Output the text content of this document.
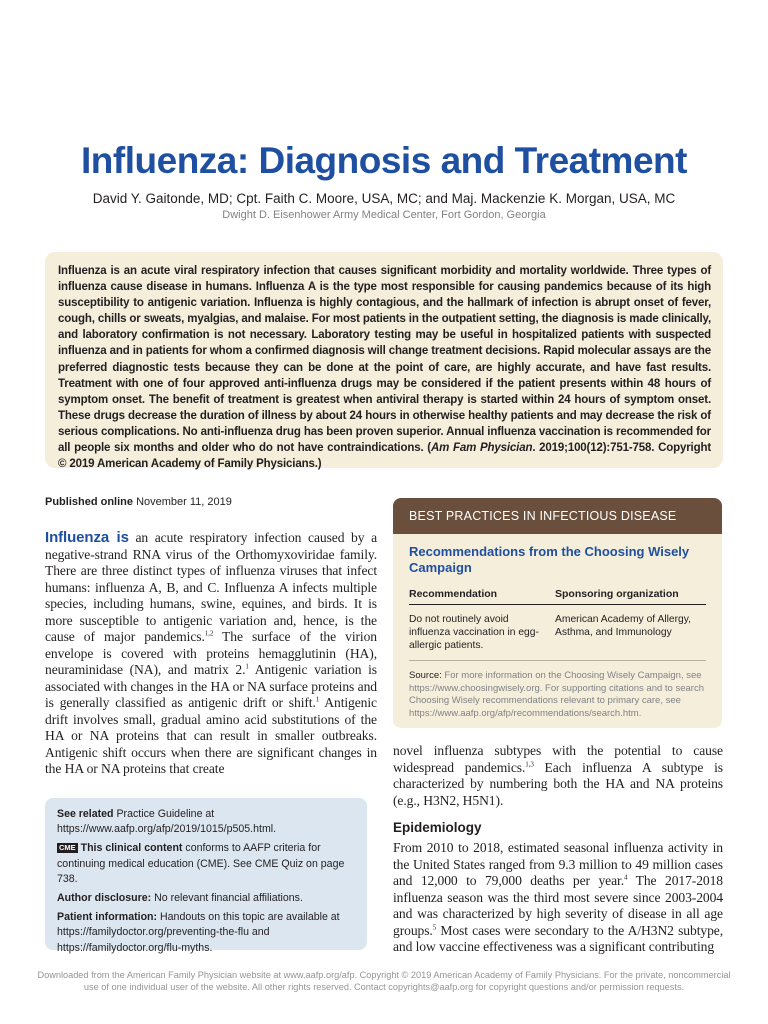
Influenza: Diagnosis and Treatment
David Y. Gaitonde, MD; Cpt. Faith C. Moore, USA, MC; and Maj. Mackenzie K. Morgan, USA, MC
Dwight D. Eisenhower Army Medical Center, Fort Gordon, Georgia

Influenza is an acute viral respiratory infection that causes significant morbidity and mortality worldwide. Three types of influenza cause disease in humans. Influenza A is the type most responsible for causing pandemics because of its high susceptibility to antigenic variation. Influenza is highly contagious, and the hallmark of infection is abrupt onset of fever, cough, chills or sweats, myalgias, and malaise. For most patients in the outpatient setting, the diagnosis is made clinically, and laboratory confirmation is not necessary. Laboratory testing may be useful in hospitalized patients with suspected influenza and in patients for whom a confirmed diagnosis will change treatment decisions. Rapid molecular assays are the preferred diagnostic tests because they can be done at the point of care, are highly accurate, and have fast results. Treatment with one of four approved anti-influenza drugs may be considered if the patient presents within 48 hours of symptom onset. The benefit of treatment is greatest when antiviral therapy is started within 24 hours of symptom onset. These drugs decrease the duration of illness by about 24 hours in otherwise healthy patients and may decrease the risk of serious complications. No anti-influenza drug has been proven superior. Annual influenza vaccination is recommended for all people six months and older who do not have contraindications. (Am Fam Physician. 2019;100(12):751-758. Copyright © 2019 American Academy of Family Physicians.)

Published online November 11, 2019

Influenza is an acute respiratory infection caused by a negative-strand RNA virus of the Orthomyxoviridae family. There are three distinct types of influenza viruses that infect humans: influenza A, B, and C. Influenza A infects multiple species, including humans, swine, equines, and birds. It is more susceptible to antigenic variation and, hence, is the cause of major pandemics.$^{1,2}$ The surface of the virion envelope is covered with proteins hemagglutinin (HA), neuraminidase (NA), and matrix 2.$^1$ Antigenic variation is associated with changes in the HA or NA surface proteins and is generally classified as antigenic drift or shift.$^1$ Antigenic drift involves small, gradual amino acid substitutions of the HA or NA proteins that can result in smaller outbreaks. Antigenic shift occurs when there are significant changes in the HA or NA proteins that create

See related Practice Guideline at https://www.aafp.org/afp/2019/1015/p505.html.

CME This clinical content conforms to AAFP criteria for continuing medical education (CME). See CME Quiz on page 738.

Author disclosure: No relevant financial affiliations.

Patient information: Handouts on this topic are available at https://familydoctor.org/preventing-the-flu and https://familydoctor.org/flu-myths.

BEST PRACTICES IN INFECTIOUS DISEASE
Recommendations from the Choosing Wisely Campaign
Recommendation	Sponsoring organization
Do not routinely avoid influenza vaccination in egg-allergic patients.	American Academy of Allergy, Asthma, and Immunology
Source: For more information on the Choosing Wisely Campaign, see https://www.choosingwisely.org. For supporting citations and to search Choosing Wisely recommendations relevant to primary care, see https://www.aafp.org/afp/recommendations/search.htm.

novel influenza subtypes with the potential to cause widespread pandemics.$^{1,3}$ Each influenza A subtype is characterized by numbering both the HA and NA proteins (e.g., H3N2, H5N1).

Epidemiology

From 2010 to 2018, estimated seasonal influenza activity in the United States ranged from 9.3 million to 49 million cases and 12,000 to 79,000 deaths per year.$^4$ The 2017-2018 influenza season was the third most severe since 2003-2004 and was characterized by high severity of disease in all age groups.$^5$ Most cases were secondary to the A/H3N2 subtype, and low vaccine effectiveness was a significant contributing

Downloaded from the American Family Physician website at www.aafp.org/afp. Copyright © 2019 American Academy of Family Physicians. For the private, noncommercial use of one individual user of the website. All other rights reserved. Contact copyrights@aafp.org for copyright questions and/or permission requests.
